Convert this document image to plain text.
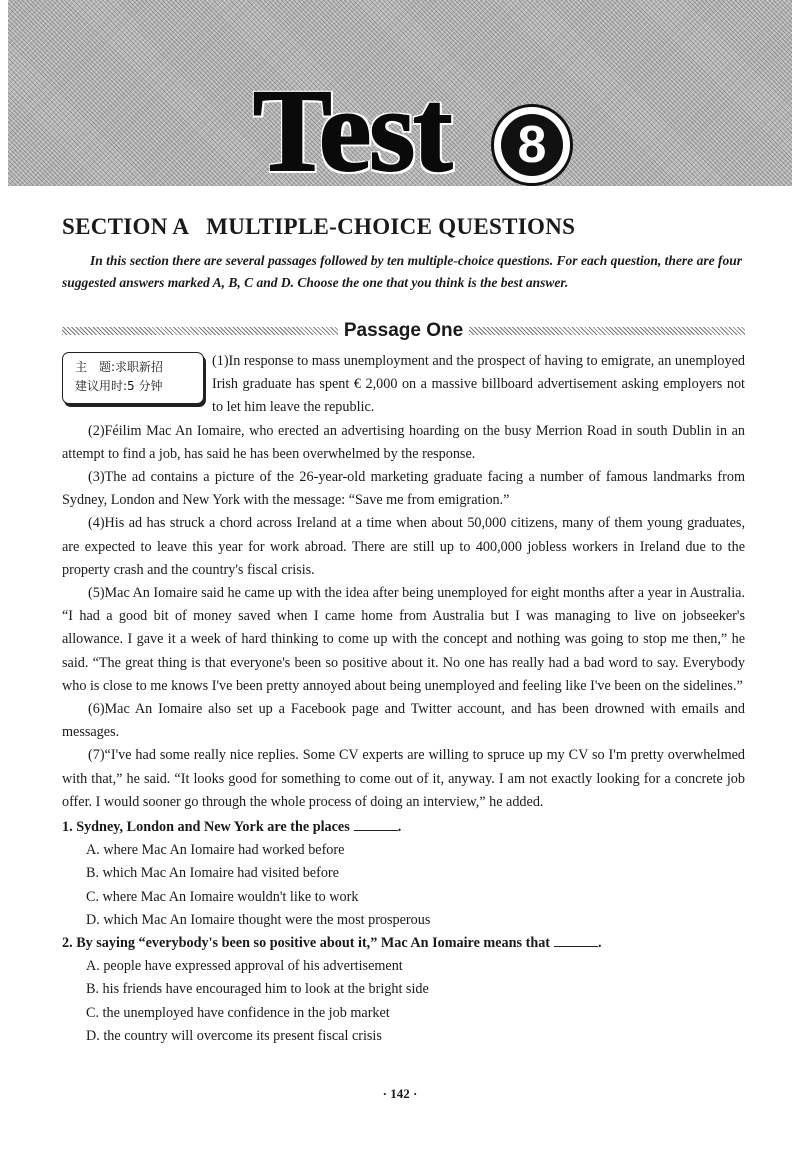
Test	8
SECTION A   MULTIPLE-CHOICE QUESTIONS

In this section there are several passages followed by ten multiple-choice questions. For each question, there are four suggested answers marked A, B, C and D. Choose the one that you think is the best answer.

Passage One
主　题:求职新招
建议用时:5 分钟

(1)In response to mass unemployment and the prospect of having to emigrate, an unemployed Irish graduate has spent € 2,000 on a massive billboard advertisement asking employers not to let him leave the republic.

(2)Féilim Mac An Iomaire, who erected an advertising hoarding on the busy Merrion Road in south Dublin in an attempt to find a job, has said he has been overwhelmed by the response.

(3)The ad contains a picture of the 26-year-old marketing graduate facing a number of famous landmarks from Sydney, London and New York with the message: “Save me from emigration.”

(4)His ad has struck a chord across Ireland at a time when about 50,000 citizens, many of them young graduates, are expected to leave this year for work abroad. There are still up to 400,000 jobless workers in Ireland due to the property crash and the country's fiscal crisis.

(5)Mac An Iomaire said he came up with the idea after being unemployed for eight months after a year in Australia. “I had a good bit of money saved when I came home from Australia but I was managing to live on jobseeker's allowance. I gave it a week of hard thinking to come up with the concept and nothing was going to stop me then,” he said. “The great thing is that everyone's been so positive about it. No one has really had a bad word to say. Everybody who is close to me knows I've been pretty annoyed about being unemployed and feeling like I've been on the sidelines.”

(6)Mac An Iomaire also set up a Facebook page and Twitter account, and has been drowned with emails and messages.

(7)“I've had some really nice replies. Some CV experts are willing to spruce up my CV so I'm pretty overwhelmed with that,” he said. “It looks good for something to come out of it, anyway. I am not exactly looking for a concrete job offer. I would sooner go through the whole process of doing an interview,” he added.

1. Sydney, London and New York are the places	.

A. where Mac An Iomaire had worked before

B. which Mac An Iomaire had visited before

C. where Mac An Iomaire wouldn't like to work

D. which Mac An Iomaire thought were the most prosperous

2. By saying “everybody's been so positive about it,” Mac An Iomaire means that	.

A. people have expressed approval of his advertisement

B. his friends have encouraged him to look at the bright side

C. the unemployed have confidence in the job market

D. the country will overcome its present fiscal crisis

· 142 ·
